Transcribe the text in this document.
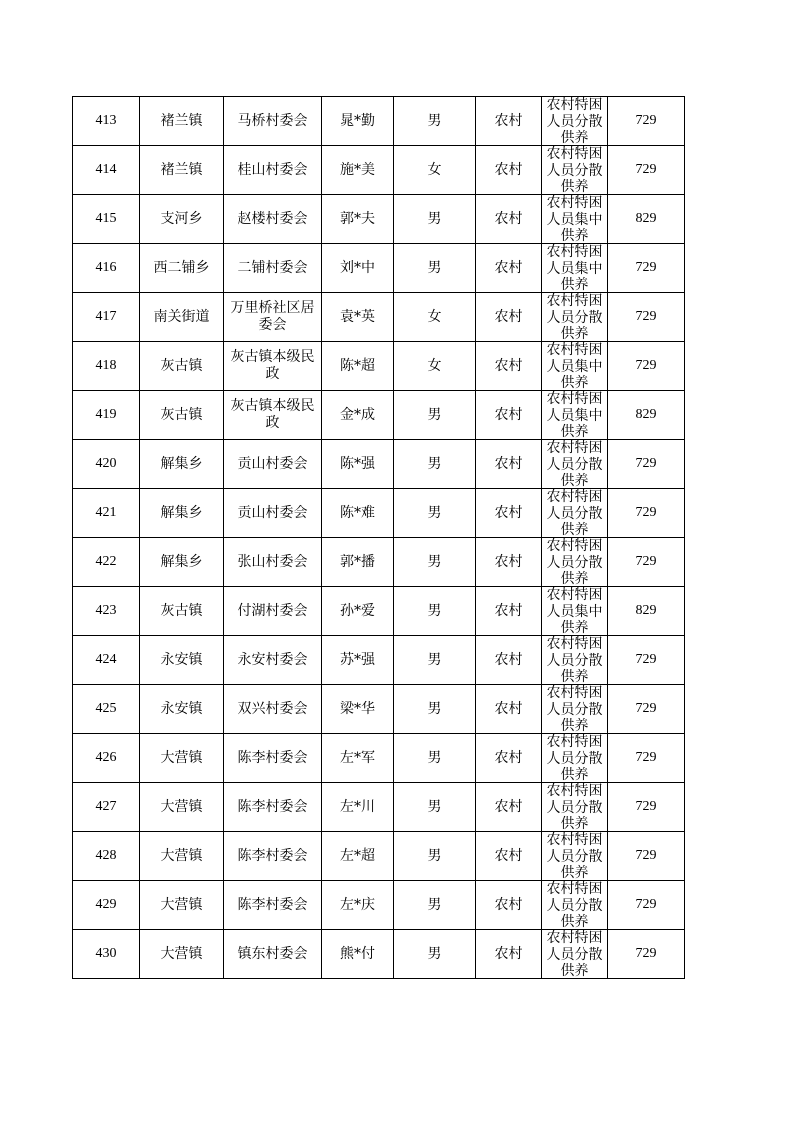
413	褚兰镇	马桥村委会	晁*勤	男	农村	农村特困人员分散供养	729
414	褚兰镇	桂山村委会	施*美	女	农村	农村特困人员分散供养	729
415	支河乡	赵楼村委会	郭*夫	男	农村	农村特困人员集中供养	829
416	西二铺乡	二铺村委会	刘*中	男	农村	农村特困人员集中供养	729
417	南关街道	万里桥社区居委会	袁*英	女	农村	农村特困人员分散供养	729
418	灰古镇	灰古镇本级民政	陈*超	女	农村	农村特困人员集中供养	729
419	灰古镇	灰古镇本级民政	金*成	男	农村	农村特困人员集中供养	829
420	解集乡	贡山村委会	陈*强	男	农村	农村特困人员分散供养	729
421	解集乡	贡山村委会	陈*难	男	农村	农村特困人员分散供养	729
422	解集乡	张山村委会	郭*播	男	农村	农村特困人员分散供养	729
423	灰古镇	付湖村委会	孙*爱	男	农村	农村特困人员集中供养	829
424	永安镇	永安村委会	苏*强	男	农村	农村特困人员分散供养	729
425	永安镇	双兴村委会	梁*华	男	农村	农村特困人员分散供养	729
426	大营镇	陈李村委会	左*军	男	农村	农村特困人员分散供养	729
427	大营镇	陈李村委会	左*川	男	农村	农村特困人员分散供养	729
428	大营镇	陈李村委会	左*超	男	农村	农村特困人员分散供养	729
429	大营镇	陈李村委会	左*庆	男	农村	农村特困人员分散供养	729
430	大营镇	镇东村委会	熊*付	男	农村	农村特困人员分散供养	729
